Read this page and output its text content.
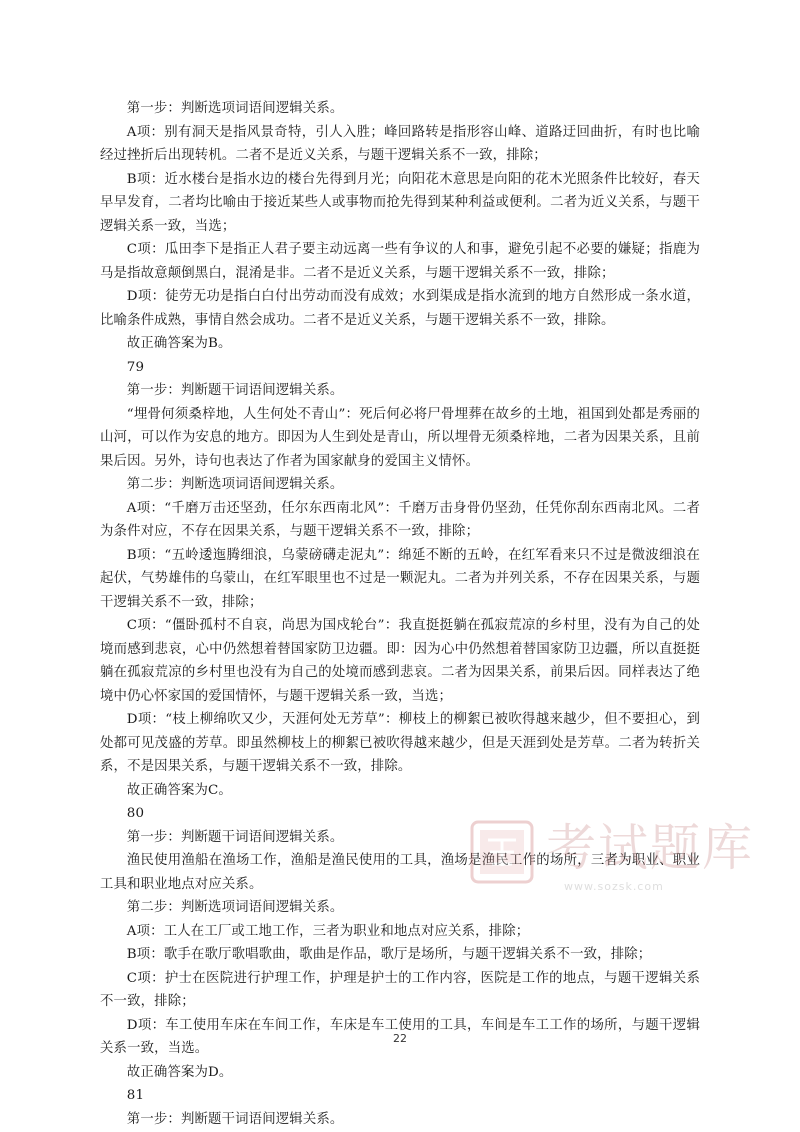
第一步：判断选项词语间逻辑关系。

A项：别有洞天是指风景奇特，引人入胜；峰回路转是指形容山峰、道路迂回曲折，有时也比喻经过挫折后出现转机。二者不是近义关系，与题干逻辑关系不一致，排除；

B项：近水楼台是指水边的楼台先得到月光；向阳花木意思是向阳的花木光照条件比较好，春天早早发育，二者均比喻由于接近某些人或事物而抢先得到某种利益或便利。二者为近义关系，与题干逻辑关系一致，当选；

C项：瓜田李下是指正人君子要主动远离一些有争议的人和事，避免引起不必要的嫌疑；指鹿为马是指故意颠倒黑白，混淆是非。二者不是近义关系，与题干逻辑关系不一致，排除；

D项：徒劳无功是指白白付出劳动而没有成效；水到渠成是指水流到的地方自然形成一条水道，比喻条件成熟，事情自然会成功。二者不是近义关系，与题干逻辑关系不一致，排除。

故正确答案为B。

79

第一步：判断题干词语间逻辑关系。

“埋骨何须桑梓地，人生何处不青山”：死后何必将尸骨埋葬在故乡的土地，祖国到处都是秀丽的山河，可以作为安息的地方。即因为人生到处是青山，所以埋骨无须桑梓地，二者为因果关系，且前果后因。另外，诗句也表达了作者为国家献身的爱国主义情怀。

第二步：判断选项词语间逻辑关系。

A项：“千磨万击还坚劲，任尔东西南北风”：千磨万击身骨仍坚劲，任凭你刮东西南北风。二者为条件对应，不存在因果关系，与题干逻辑关系不一致，排除；

B项：“五岭逶迤腾细浪，乌蒙磅礴走泥丸”：绵延不断的五岭，在红军看来只不过是微波细浪在起伏，气势雄伟的乌蒙山，在红军眼里也不过是一颗泥丸。二者为并列关系，不存在因果关系，与题干逻辑关系不一致，排除；

C项：“僵卧孤村不自哀，尚思为国戍轮台”：我直挺挺躺在孤寂荒凉的乡村里，没有为自己的处境而感到悲哀，心中仍然想着替国家防卫边疆。即：因为心中仍然想着替国家防卫边疆，所以直挺挺躺在孤寂荒凉的乡村里也没有为自己的处境而感到悲哀。二者为因果关系，前果后因。同样表达了绝境中仍心怀家国的爱国情怀，与题干逻辑关系一致，当选；

D项：“枝上柳绵吹又少，天涯何处无芳草”：柳枝上的柳絮已被吹得越来越少，但不要担心，到处都可见茂盛的芳草。即虽然柳枝上的柳絮已被吹得越来越少，但是天涯到处是芳草。二者为转折关系，不是因果关系，与题干逻辑关系不一致，排除。

故正确答案为C。

80

第一步：判断题干词语间逻辑关系。

渔民使用渔船在渔场工作，渔船是渔民使用的工具，渔场是渔民工作的场所，三者为职业、职业工具和职业地点对应关系。

第二步：判断选项词语间逻辑关系。

A项：工人在工厂或工地工作，三者为职业和地点对应关系，排除；

B项：歌手在歌厅歌唱歌曲，歌曲是作品，歌厅是场所，与题干逻辑关系不一致，排除；

C项：护士在医院进行护理工作，护理是护士的工作内容，医院是工作的地点，与题干逻辑关系不一致，排除；

D项：车工使用车床在车间工作，车床是车工使用的工具，车间是车工工作的场所，与题干逻辑关系一致，当选。

故正确答案为D。

81

第一步：判断题干词语间逻辑关系。

考试题库
www.sozsk.com
22
